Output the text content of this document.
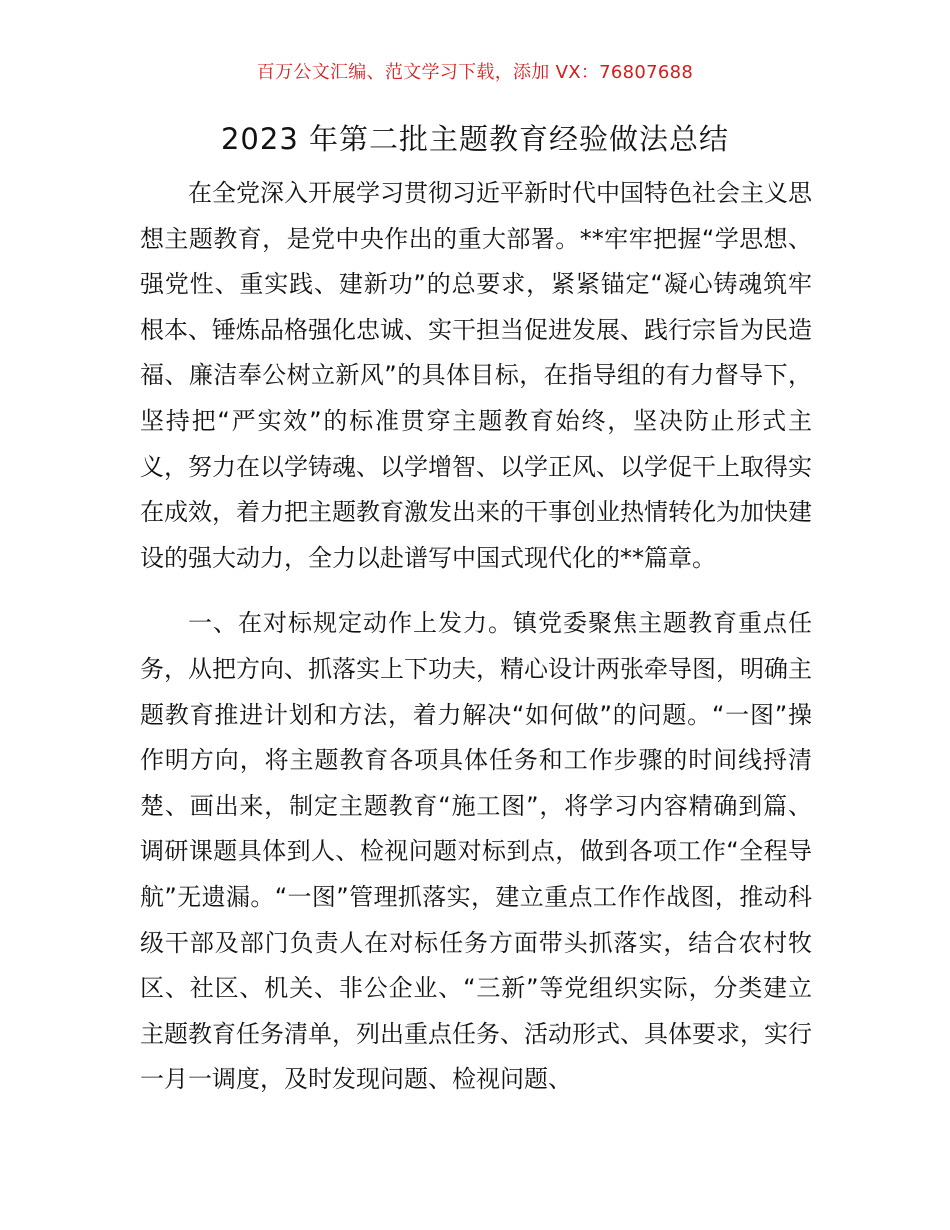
百万公文汇编、范文学习下载，添加 VX：76807688
2023 年第二批主题教育经验做法总结

在全党深入开展学习贯彻习近平新时代中国特色社会主义思想主题教育，是党中央作出的重大部署。**牢牢把握“学思想、强党性、重实践、建新功”的总要求，紧紧锚定“凝心铸魂筑牢根本、锤炼品格强化忠诚、实干担当促进发展、践行宗旨为民造福、廉洁奉公树立新风”的具体目标，在指导组的有力督导下，坚持把“严实效”的标准贯穿主题教育始终，坚决防止形式主义，努力在以学铸魂、以学增智、以学正风、以学促干上取得实在成效，着力把主题教育激发出来的干事创业热情转化为加快建设的强大动力，全力以赴谱写中国式现代化的**篇章。

一、在对标规定动作上发力。镇党委聚焦主题教育重点任务，从把方向、抓落实上下功夫，精心设计两张牵导图，明确主题教育推进计划和方法，着力解决“如何做”的问题。“一图”操作明方向，将主题教育各项具体任务和工作步骤的时间线捋清楚、画出来，制定主题教育“施工图”，将学习内容精确到篇、调研课题具体到人、检视问题对标到点，做到各项工作“全程导航”无遗漏。“一图”管理抓落实，建立重点工作作战图，推动科级干部及部门负责人在对标任务方面带头抓落实，结合农村牧区、社区、机关、非公企业、“三新”等党组织实际，分类建立主题教育任务清单，列出重点任务、活动形式、具体要求，实行一月一调度，及时发现问题、检视问题、
